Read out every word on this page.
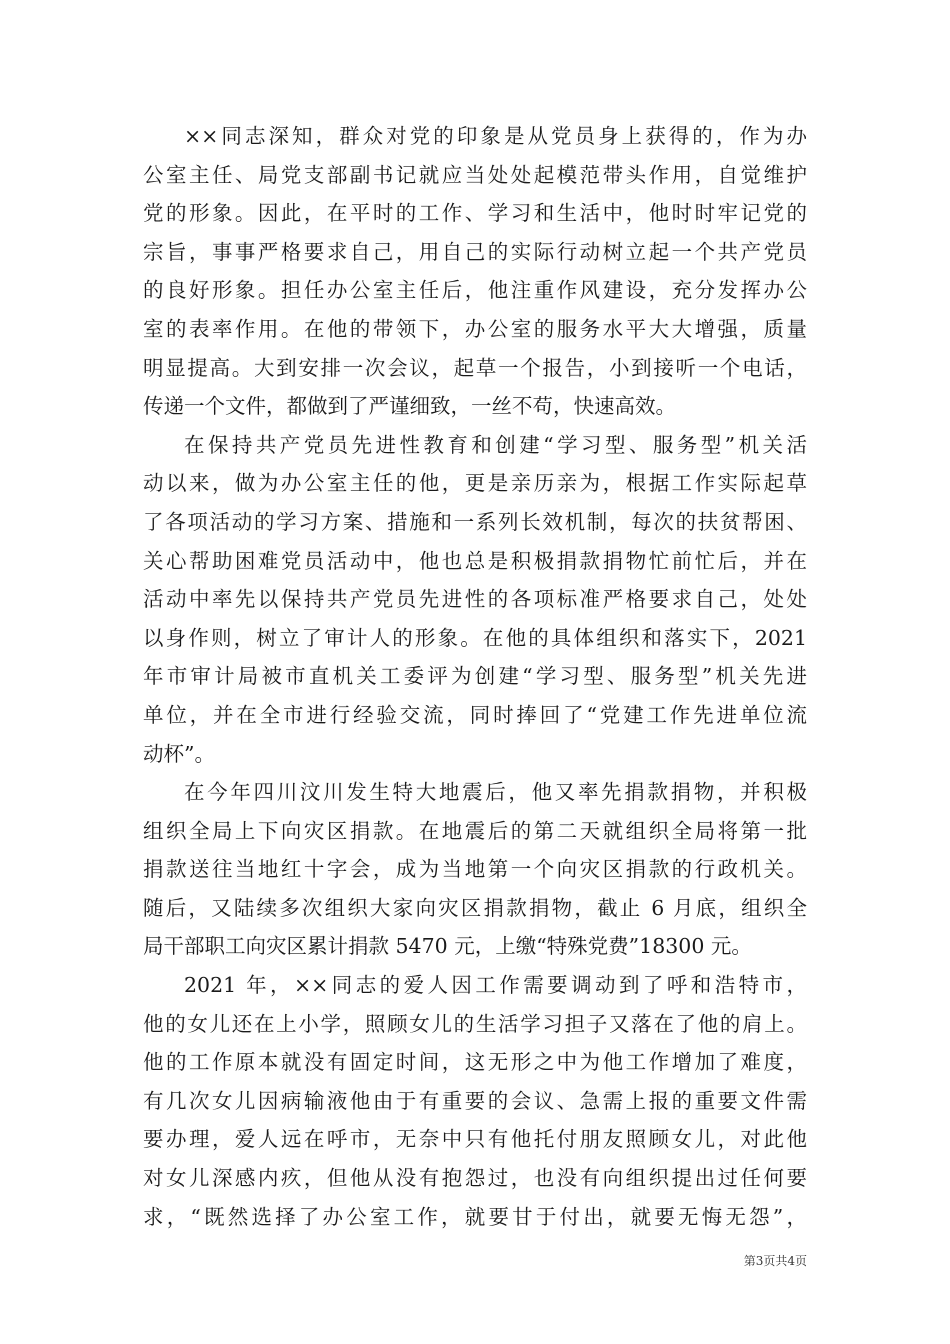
××同志深知，群众对党的印象是从党员身上获得的，作为办
公室主任、局党支部副书记就应当处处起模范带头作用，自觉维护
党的形象。因此，在平时的工作、学习和生活中，他时时牢记党的
宗旨，事事严格要求自己，用自己的实际行动树立起一个共产党员
的良好形象。担任办公室主任后，他注重作风建设，充分发挥办公
室的表率作用。在他的带领下，办公室的服务水平大大增强，质量
明显提高。大到安排一次会议，起草一个报告，小到接听一个电话，
传递一个文件，都做到了严谨细致，一丝不苟，快速高效。
在保持共产党员先进性教育和创建“学习型、服务型”机关活
动以来，做为办公室主任的他，更是亲历亲为，根据工作实际起草
了各项活动的学习方案、措施和一系列长效机制，每次的扶贫帮困、
关心帮助困难党员活动中，他也总是积极捐款捐物忙前忙后，并在
活动中率先以保持共产党员先进性的各项标准严格要求自己，处处
以身作则，树立了审计人的形象。在他的具体组织和落实下，2021
年市审计局被市直机关工委评为创建“学习型、服务型”机关先进
单位，并在全市进行经验交流，同时捧回了“党建工作先进单位流
动杯”。
在今年四川汶川发生特大地震后，他又率先捐款捐物，并积极
组织全局上下向灾区捐款。在地震后的第二天就组织全局将第一批
捐款送往当地红十字会，成为当地第一个向灾区捐款的行政机关。
随后，又陆续多次组织大家向灾区捐款捐物，截止 6 月底，组织全
局干部职工向灾区累计捐款 5470 元，上缴“特殊党费”18300 元。
2021 年，××同志的爱人因工作需要调动到了呼和浩特市，
他的女儿还在上小学，照顾女儿的生活学习担子又落在了他的肩上。
他的工作原本就没有固定时间，这无形之中为他工作增加了难度，
有几次女儿因病输液他由于有重要的会议、急需上报的重要文件需
要办理，爱人远在呼市，无奈中只有他托付朋友照顾女儿，对此他
对女儿深感内疚，但他从没有抱怨过，也没有向组织提出过任何要
求，“既然选择了办公室工作，就要甘于付出，就要无悔无怨”，
第3页共4页
